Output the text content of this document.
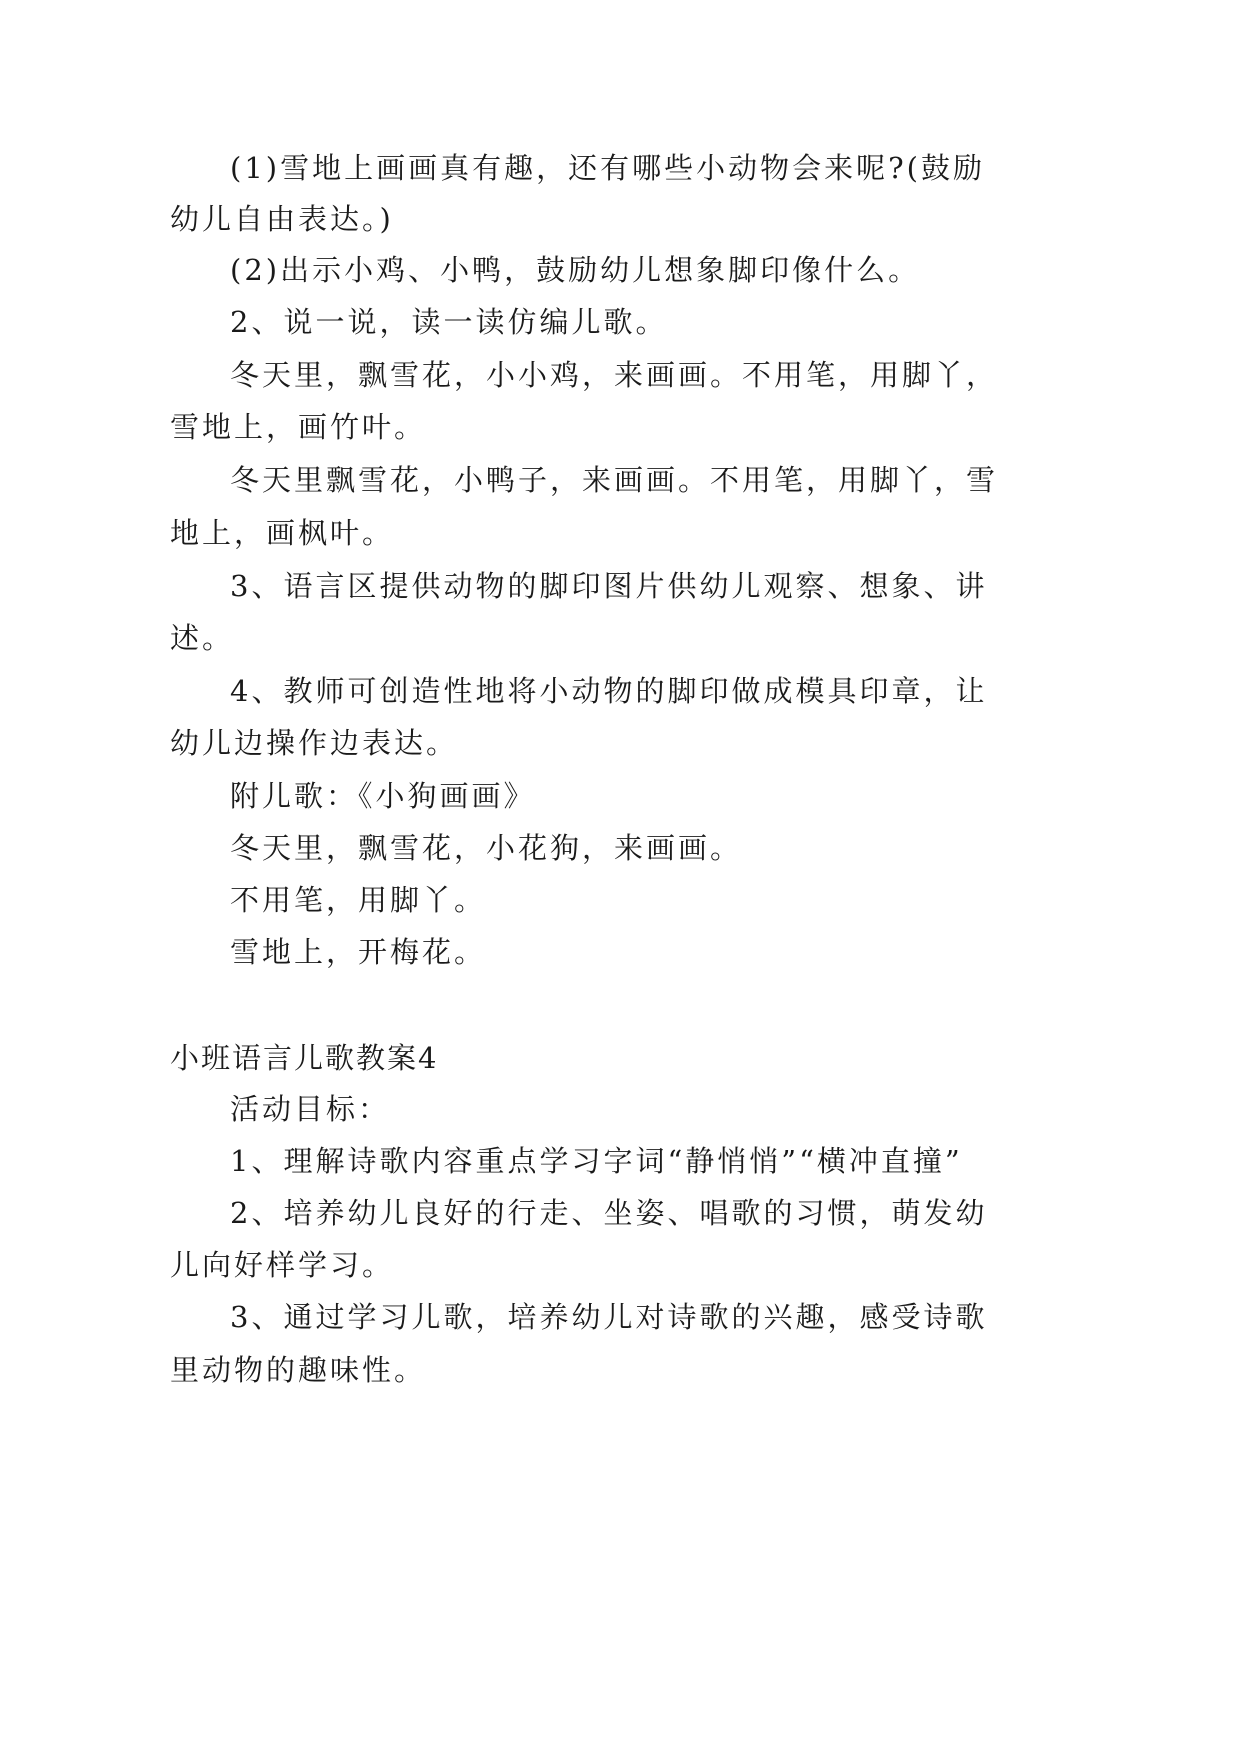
(1)雪地上画画真有趣，还有哪些小动物会来呢?(鼓励
幼儿自由表达。)
(2)出示小鸡、小鸭，鼓励幼儿想象脚印像什么。
2、说一说，读一读仿编儿歌。
冬天里，飘雪花，小小鸡，来画画。不用笔，用脚丫，
雪地上，画竹叶。
冬天里飘雪花，小鸭子，来画画。不用笔，用脚丫，雪
地上，画枫叶。
3、语言区提供动物的脚印图片供幼儿观察、想象、讲
述。
4、教师可创造性地将小动物的脚印做成模具印章，让
幼儿边操作边表达。
附儿歌：《小狗画画》
冬天里，飘雪花，小花狗，来画画。
不用笔，用脚丫。
雪地上，开梅花。
小班语言儿歌教案4
活动目标：
1、理解诗歌内容重点学习字词“静悄悄”“横冲直撞”
2、培养幼儿良好的行走、坐姿、唱歌的习惯，萌发幼
儿向好样学习。
3、通过学习儿歌，培养幼儿对诗歌的兴趣，感受诗歌
里动物的趣味性。
